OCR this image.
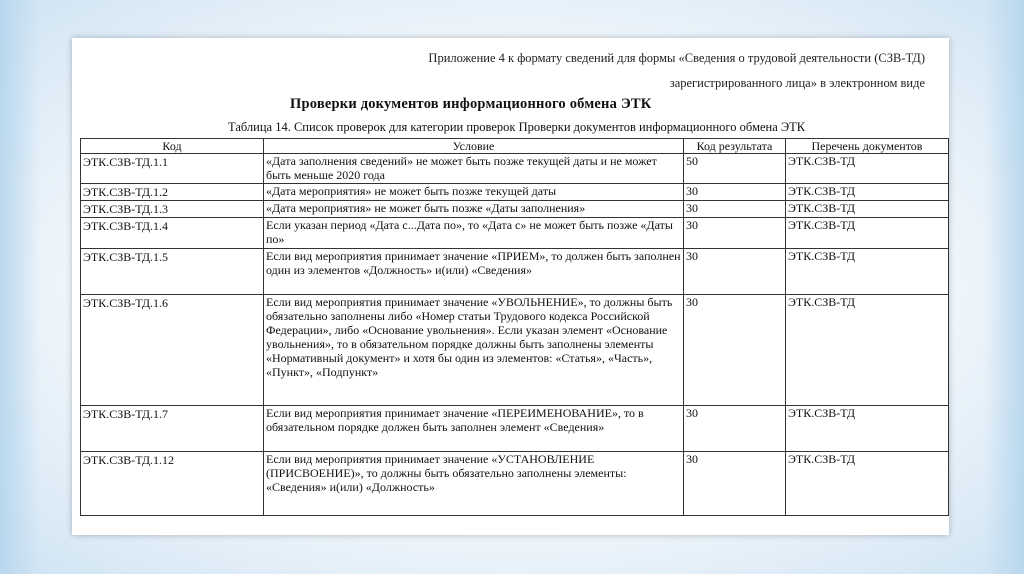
Приложение 4 к формату сведений для формы «Сведения о трудовой деятельности (СЗВ-ТД)
зарегистрированного лица» в электронном виде
Проверки документов информационного обмена ЭТК
Таблица 14. Список проверок для категории проверок Проверки документов информационного обмена ЭТК
Код	Условие	Код результата	Перечень документов
ЭТК.СЗВ-ТД.1.1	«Дата заполнения сведений» не может быть позже текущей даты и не может быть меньше 2020 года	50	ЭТК.СЗВ-ТД
ЭТК.СЗВ-ТД.1.2	«Дата мероприятия» не может быть позже текущей даты	30	ЭТК.СЗВ-ТД
ЭТК.СЗВ-ТД.1.3	«Дата мероприятия» не может быть позже «Даты заполнения»	30	ЭТК.СЗВ-ТД
ЭТК.СЗВ-ТД.1.4	Если указан период «Дата с...Дата по», то «Дата с» не может быть позже «Даты по»	30	ЭТК.СЗВ-ТД
ЭТК.СЗВ-ТД.1.5	Если вид мероприятия принимает значение «ПРИЕМ», то должен быть заполнен один из элементов «Должность» и(или) «Сведения»	30	ЭТК.СЗВ-ТД
ЭТК.СЗВ-ТД.1.6	Если вид мероприятия принимает значение «УВОЛЬНЕНИЕ», то должны быть обязательно заполнены либо «Номер статьи Трудового кодекса Российской Федерации», либо «Основание увольнения». Если указан элемент «Основание увольнения», то в обязательном порядке должны быть заполнены элементы «Нормативный документ» и хотя бы один из элементов: «Статья», «Часть», «Пункт», «Подпункт»	30	ЭТК.СЗВ-ТД
ЭТК.СЗВ-ТД.1.7	Если вид мероприятия принимает значение «ПЕРЕИМЕНОВАНИЕ», то в обязательном порядке должен быть заполнен элемент «Сведения»	30	ЭТК.СЗВ-ТД
ЭТК.СЗВ-ТД.1.12	Если вид мероприятия принимает значение «УСТАНОВЛЕНИЕ (ПРИСВОЕНИЕ)», то должны быть обязательно заполнены элементы: «Сведения» и(или) «Должность»	30	ЭТК.СЗВ-ТД
